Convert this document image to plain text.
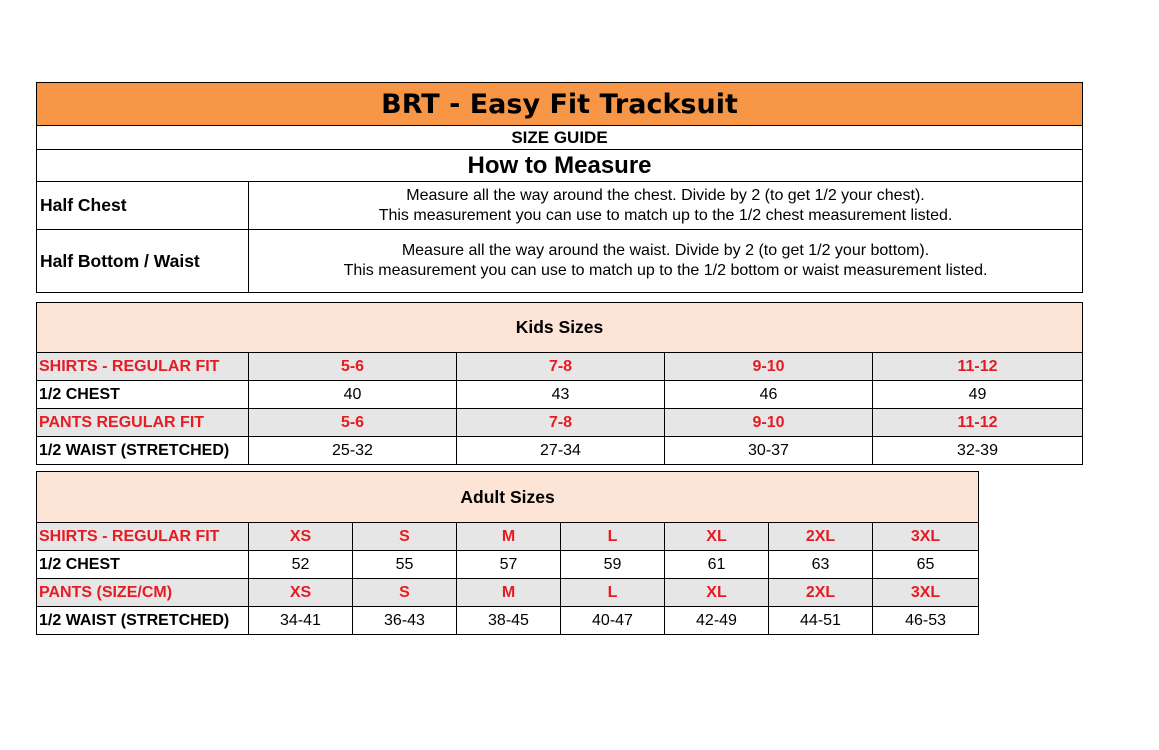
BRT - Easy Fit Tracksuit	
SIZE GUIDE	
How to Measure	
Half Chest	Measure all the way around the chest. Divide by 2 (to get 1/2 your chest).
This measurement you can use to match up to the 1/2 chest measurement listed.

Half Bottom / Waist	Measure all the way around the waist. Divide by 2 (to get 1/2 your bottom).
This measurement you can use to match up to the 1/2 bottom or waist measurement listed.
Kids Sizes				
SHIRTS - REGULAR FIT	5-6	7-8	9-10	11-12
1/2 CHEST	40	43	46	49
PANTS REGULAR FIT	5-6	7-8	9-10	11-12
1/2 WAIST (STRETCHED)	25-32	27-34	30-37	32-39
Adult Sizes							
SHIRTS - REGULAR FIT	XS	S	M	L	XL	2XL	3XL
1/2 CHEST	52	55	57	59	61	63	65
PANTS (SIZE/CM)	XS	S	M	L	XL	2XL	3XL
1/2 WAIST (STRETCHED)	34-41	36-43	38-45	40-47	42-49	44-51	46-53
